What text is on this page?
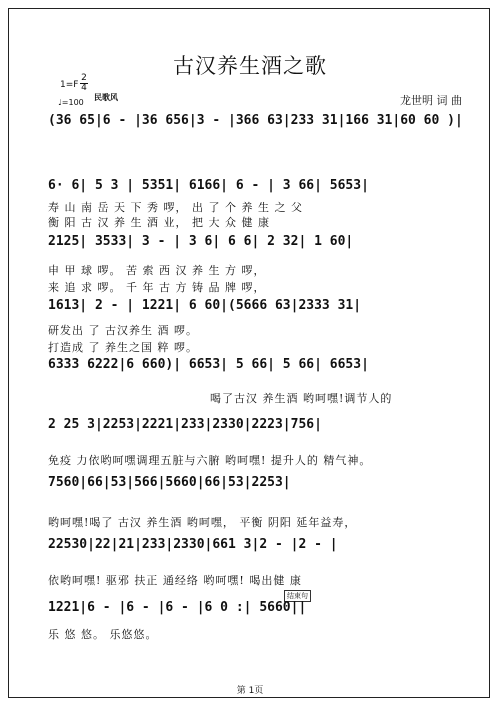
古汉养生酒之歌
1=F
2
4
♩=100
民歌风	龙世明 词 曲
(36 65|6 - |36 656|3 - |366 63|233 31|166 31|60 60 )|
6· 6| 5 3 | 5351| 6166| 6 - | 3 66| 5653|
寿 山 南 岳 天 下 秀 啰， 出 了 个 养 生 之 父
衡 阳 古 汉 养 生 酒 业， 把 大 众 健 康
2125| 3533| 3 - | 3 6| 6 6| 2 32| 1 60|
申 甲 球 啰。 苦 索 西 汉 养 生 方 啰，
来 追 求 啰。 千 年 古 方 铸 品 牌 啰，
1613| 2 - | 1221| 6 60|(5666 63|2333 31|
研发出 了 古汉养生 酒 啰。
打造成 了 养生之国 粹 啰。
6333 6222|6 660)| 6653| 5 66| 5 66| 6653|
喝了古汉 养生酒 哟呵嘿!调节人的
2 25 3|2253|2221|233|2330|2223|756|
免疫 力依哟呵嘿调理五脏与六腑 哟呵嘿! 提升人的 精气神。
7560|66|53|566|5660|66|53|2253|
哟呵嘿!喝了 古汉 养生酒 哟呵嘿， 平衡 阴阳 延年益寿，
22530|22|21|233|2330|661 3|2 - |2 - |
依哟呵嘿! 驱邪 扶正 通经络 哟呵嘿! 喝出健 康
结束句
1221|6 - |6 - |6 - |6 0 :| 5660||
乐 悠 悠。 乐悠悠。
第 1页
